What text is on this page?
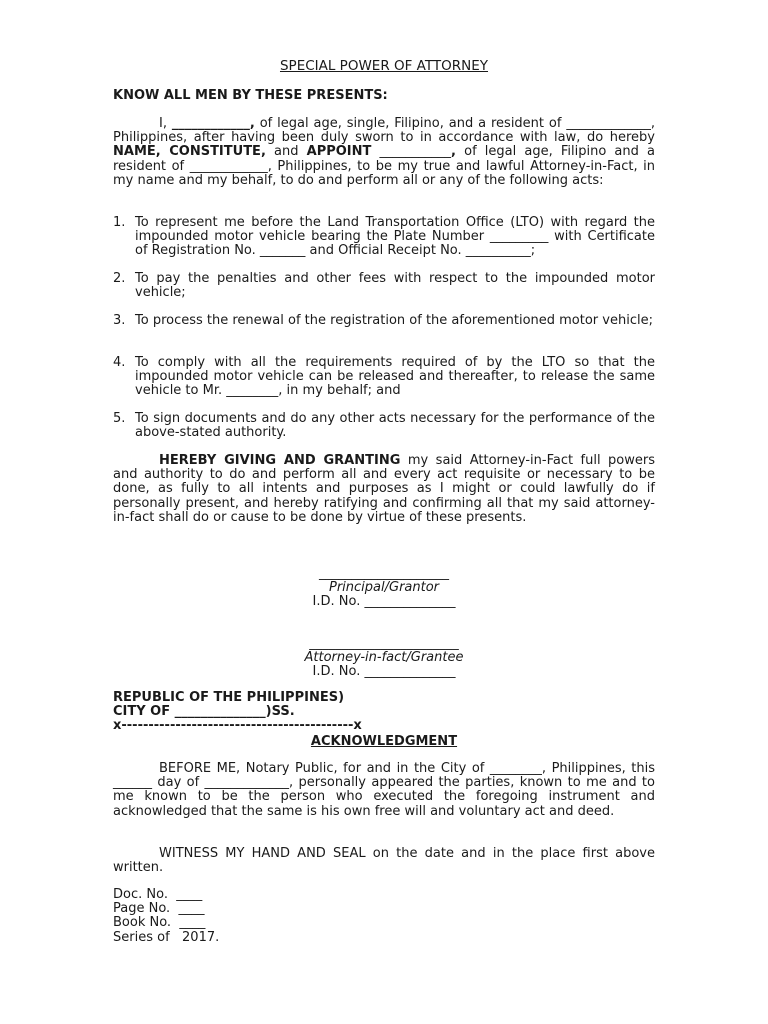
SPECIAL POWER OF ATTORNEY
KNOW ALL MEN BY THESE PRESENTS:
I, ____________, of legal age, single, Filipino, and a resident of _____________, Philippines, after having been duly sworn to in accordance with law, do hereby NAME, CONSTITUTE, and APPOINT ___________, of legal age, Filipino and a resident of ____________, Philippines, to be my true and lawful Attorney-in-Fact, in my name and my behalf, to do and perform all or any of the following acts:
1. To represent me before the Land Transportation Office (LTO) with regard the impounded motor vehicle bearing the Plate Number _________ with Certificate of Registration No. _______ and Official Receipt No. __________;
2. To pay the penalties and other fees with respect to the impounded motor vehicle;
3. To process the renewal of the registration of the aforementioned motor vehicle;
4. To comply with all the requirements required of by the LTO so that the impounded motor vehicle can be released and thereafter, to release the same vehicle to Mr. ________, in my behalf; and
5. To sign documents and do any other acts necessary for the performance of the above-stated authority.
HEREBY GIVING AND GRANTING my said Attorney-in-Fact full powers and authority to do and perform all and every act requisite or necessary to be done, as fully to all intents and purposes as I might or could lawfully do if personally present, and hereby ratifying and confirming all that my said attorney-in-fact shall do or cause to be done by virtue of these presents.
____________________
Principal/Grantor
I.D. No. ______________
_______________________
Attorney-in-fact/Grantee
I.D. No. ______________
REPUBLIC OF THE PHILIPPINES)
CITY OF ______________)SS.
x-------------------------------------------x
ACKNOWLEDGMENT
BEFORE ME, Notary Public, for and in the City of ________, Philippines, this ______ day of _____________, personally appeared the parties, known to me and to me known to be the person who executed the foregoing instrument and acknowledged that the same is his own free will and voluntary act and deed.
WITNESS MY HAND AND SEAL on the date and in the place first above written.
Doc. No.  ____
Page No.  ____
Book No.  ____
Series of   2017.
